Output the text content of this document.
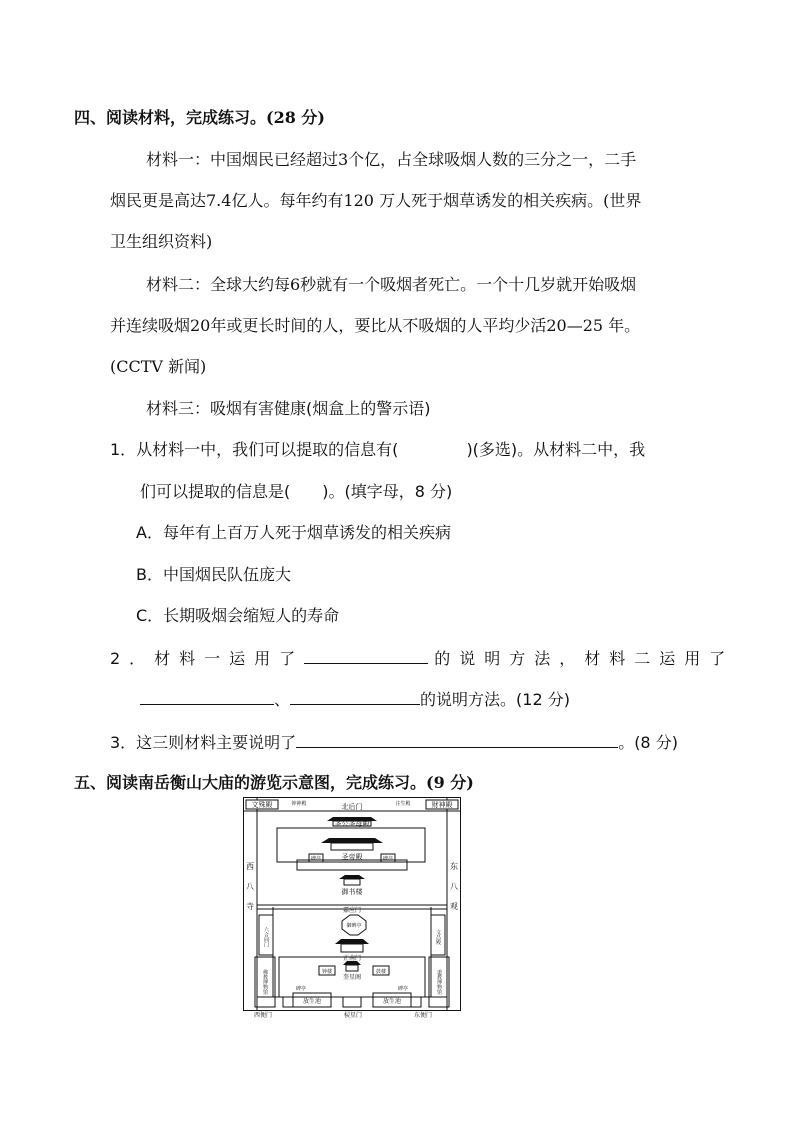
四、阅读材料，完成练习。(28 分)
材料一：中国烟民已经超过3个亿，占全球吸烟人数的三分之一，二手
烟民更是高达7.4亿人。每年约有120 万人死于烟草诱发的相关疾病。(世界
卫生组织资料)
材料二：全球大约每6秒就有一个吸烟者死亡。一个十几岁就开始吸烟
并连续吸烟20年或更长时间的人，要比从不吸烟的人平均少活20—25 年。
(CCTV 新闻)
材料三：吸烟有害健康(烟盒上的警示语)
1．从材料一中，我们可以提取的信息有(	)(多选)。从材料二中，我
们可以提取的信息是( )。(填字母，8 分)
A．每年有上百万人死于烟草诱发的相关疾病
B．中国烟民队伍庞大
C．长期吸烟会缩短人的寿命
2．材料一运用了	的说明方法，材料二运用了
、	的说明方法。(12 分)
3．这三则材料主要说明了	。(8 分)
五、阅读南岳衡山大庙的游览示意图，完成练习。(9 分)
文殊殿	钟神殿	北后门	注生殿	财神殿
圣公圣母殿
圣帝殿
碑亭	碑亭
御书楼
嘉应门
御碑亭
正南门
奎星阁
钟楼	鼓楼
放生池	放生池
碑亭	碑亭
西
八
寺
东
八
观
六合同门	文昌殿
佛教博物馆	道教博物馆
西便门	棂星门	东便门
